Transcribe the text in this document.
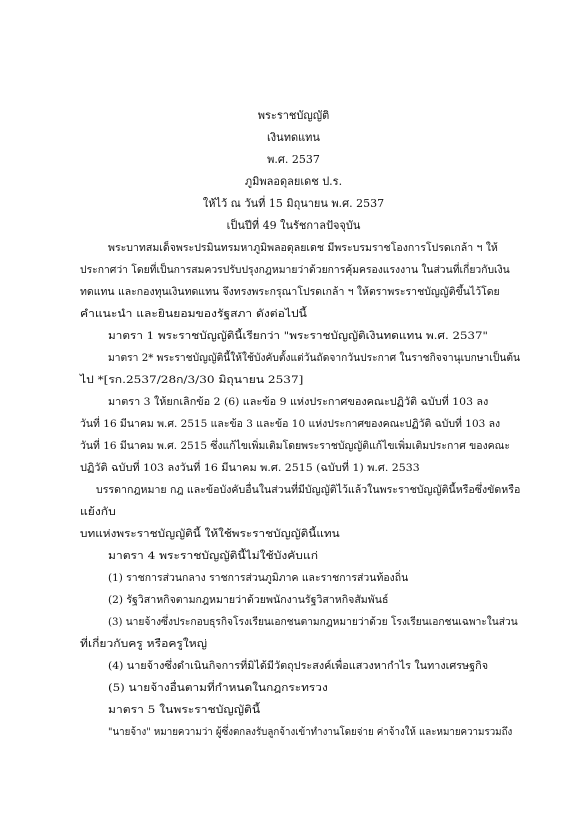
พระราชบัญญัติ
เงินทดแทน
พ.ศ. 2537
ภูมิพลอดุลยเดช ป.ร.
ให้ไว้ ณ วันที่ 15 มิถุนายน พ.ศ. 2537
เป็นปีที่ 49 ในรัชกาลปัจจุบัน
พระบาทสมเด็จพระปรมินทรมหาภูมิพลอดุลยเดช มีพระบรมราชโองการโปรดเกล้า ฯ ให้
ประกาศว่า โดยที่เป็นการสมควรปรับปรุงกฎหมายว่าด้วยการคุ้มครองแรงงาน ในส่วนที่เกี่ยวกับเงิน
ทดแทน และกองทุนเงินทดแทน จึงทรงพระกรุณาโปรดเกล้า ฯ ให้ตราพระราชบัญญัติขึ้นไว้โดย
คำแนะนำ และยินยอมของรัฐสภา ดังต่อไปนี้
มาตรา 1 พระราชบัญญัตินี้เรียกว่า "พระราชบัญญัติเงินทดแทน พ.ศ. 2537"
มาตรา 2* พระราชบัญญัตินี้ให้ใช้บังคับตั้งแต่วันถัดจากวันประกาศ ในราชกิจจานุเบกษาเป็นต้น
ไป *[รก.2537/28ก/3/30 มิถุนายน 2537]
มาตรา 3 ให้ยกเลิกข้อ 2 (6) และข้อ 9 แห่งประกาศของคณะปฏิวัติ ฉบับที่ 103 ลง
วันที่ 16 มีนาคม พ.ศ. 2515 และข้อ 3 และข้อ 10 แห่งประกาศของคณะปฏิวัติ ฉบับที่ 103 ลง
วันที่ 16 มีนาคม พ.ศ. 2515 ซึ่งแก้ไขเพิ่มเติมโดยพระราชบัญญัติแก้ไขเพิ่มเติมประกาศ ของคณะ
ปฏิวัติ ฉบับที่ 103 ลงวันที่ 16 มีนาคม พ.ศ. 2515 (ฉบับที่ 1) พ.ศ. 2533
บรรดากฎหมาย กฎ และข้อบังคับอื่นในส่วนที่มีบัญญัติไว้แล้วในพระราชบัญญัตินี้หรือซึ่งขัดหรือ
แย้งกับ
บทแห่งพระราชบัญญัตินี้ ให้ใช้พระราชบัญญัตินี้แทน
มาตรา 4 พระราชบัญญัตินี้ไม่ใช้บังคับแก่
(1) ราชการส่วนกลาง ราชการส่วนภูมิภาค และราชการส่วนท้องถิ่น
(2) รัฐวิสาหกิจตามกฎหมายว่าด้วยพนักงานรัฐวิสาหกิจสัมพันธ์
(3) นายจ้างซึ่งประกอบธุรกิจโรงเรียนเอกชนตามกฎหมายว่าด้วย โรงเรียนเอกชนเฉพาะในส่วน
ที่เกี่ยวกับครู หรือครูใหญ่
(4) นายจ้างซึ่งดำเนินกิจการที่มิได้มีวัตถุประสงค์เพื่อแสวงหากำไร ในทางเศรษฐกิจ
(5) นายจ้างอื่นตามที่กำหนดในกฎกระทรวง
มาตรา 5 ในพระราชบัญญัตินี้
"นายจ้าง" หมายความว่า ผู้ซึ่งตกลงรับลูกจ้างเข้าทำงานโดยจ่าย ค่าจ้างให้ และหมายความรวมถึง
